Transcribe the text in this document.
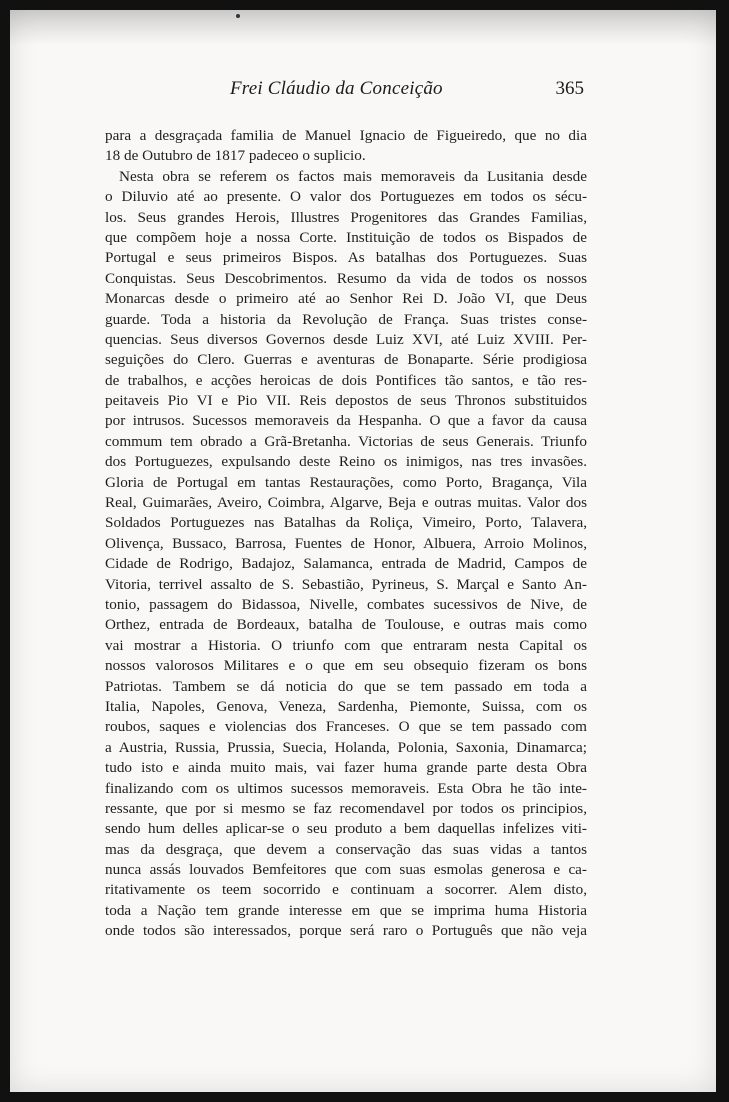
Frei Cláudio da Conceição	365
para a desgraçada familia de Manuel Ignacio de Figueiredo, que no dia
18 de Outubro de 1817 padeceo o suplicio.
Nesta obra se referem os factos mais memoraveis da Lusitania desde
o Diluvio até ao presente. O valor dos Portuguezes em todos os sécu-
los. Seus grandes Herois, Illustres Progenitores das Grandes Familias,
que compõem hoje a nossa Corte. Instituição de todos os Bispados de
Portugal e seus primeiros Bispos. As batalhas dos Portuguezes. Suas
Conquistas. Seus Descobrimentos. Resumo da vida de todos os nossos
Monarcas desde o primeiro até ao Senhor Rei D. João VI, que Deus
guarde. Toda a historia da Revolução de França. Suas tristes conse-
quencias. Seus diversos Governos desde Luiz XVI, até Luiz XVIII. Per-
seguições do Clero. Guerras e aventuras de Bonaparte. Série prodigiosa
de trabalhos, e acções heroicas de dois Pontifices tão santos, e tão res-
peitaveis Pio VI e Pio VII. Reis depostos de seus Thronos substituidos
por intrusos. Sucessos memoraveis da Hespanha. O que a favor da causa
commum tem obrado a Grã-Bretanha. Victorias de seus Generais. Triunfo
dos Portuguezes, expulsando deste Reino os inimigos, nas tres invasões.
Gloria de Portugal em tantas Restaurações, como Porto, Bragança, Vila
Real, Guimarães, Aveiro, Coimbra, Algarve, Beja e outras muitas. Valor dos
Soldados Portuguezes nas Batalhas da Roliça, Vimeiro, Porto, Talavera,
Olivença, Bussaco, Barrosa, Fuentes de Honor, Albuera, Arroio Molinos,
Cidade de Rodrigo, Badajoz, Salamanca, entrada de Madrid, Campos de
Vitoria, terrivel assalto de S. Sebastião, Pyrineus, S. Marçal e Santo An-
tonio, passagem do Bidassoa, Nivelle, combates sucessivos de Nive, de
Orthez, entrada de Bordeaux, batalha de Toulouse, e outras mais como
vai mostrar a Historia. O triunfo com que entraram nesta Capital os
nossos valorosos Militares e o que em seu obsequio fizeram os bons
Patriotas. Tambem se dá noticia do que se tem passado em toda a
Italia, Napoles, Genova, Veneza, Sardenha, Piemonte, Suissa, com os
roubos, saques e violencias dos Franceses. O que se tem passado com
a Austria, Russia, Prussia, Suecia, Holanda, Polonia, Saxonia, Dinamarca;
tudo isto e ainda muito mais, vai fazer huma grande parte desta Obra
finalizando com os ultimos sucessos memoraveis. Esta Obra he tão inte-
ressante, que por si mesmo se faz recomendavel por todos os principios,
sendo hum delles aplicar-se o seu produto a bem daquellas infelizes viti-
mas da desgraça, que devem a conservação das suas vidas a tantos
nunca assás louvados Bemfeitores que com suas esmolas generosa e ca-
ritativamente os teem socorrido e continuam a socorrer. Alem disto,
toda a Nação tem grande interesse em que se imprima huma Historia
onde todos são interessados, porque será raro o Português que não veja
